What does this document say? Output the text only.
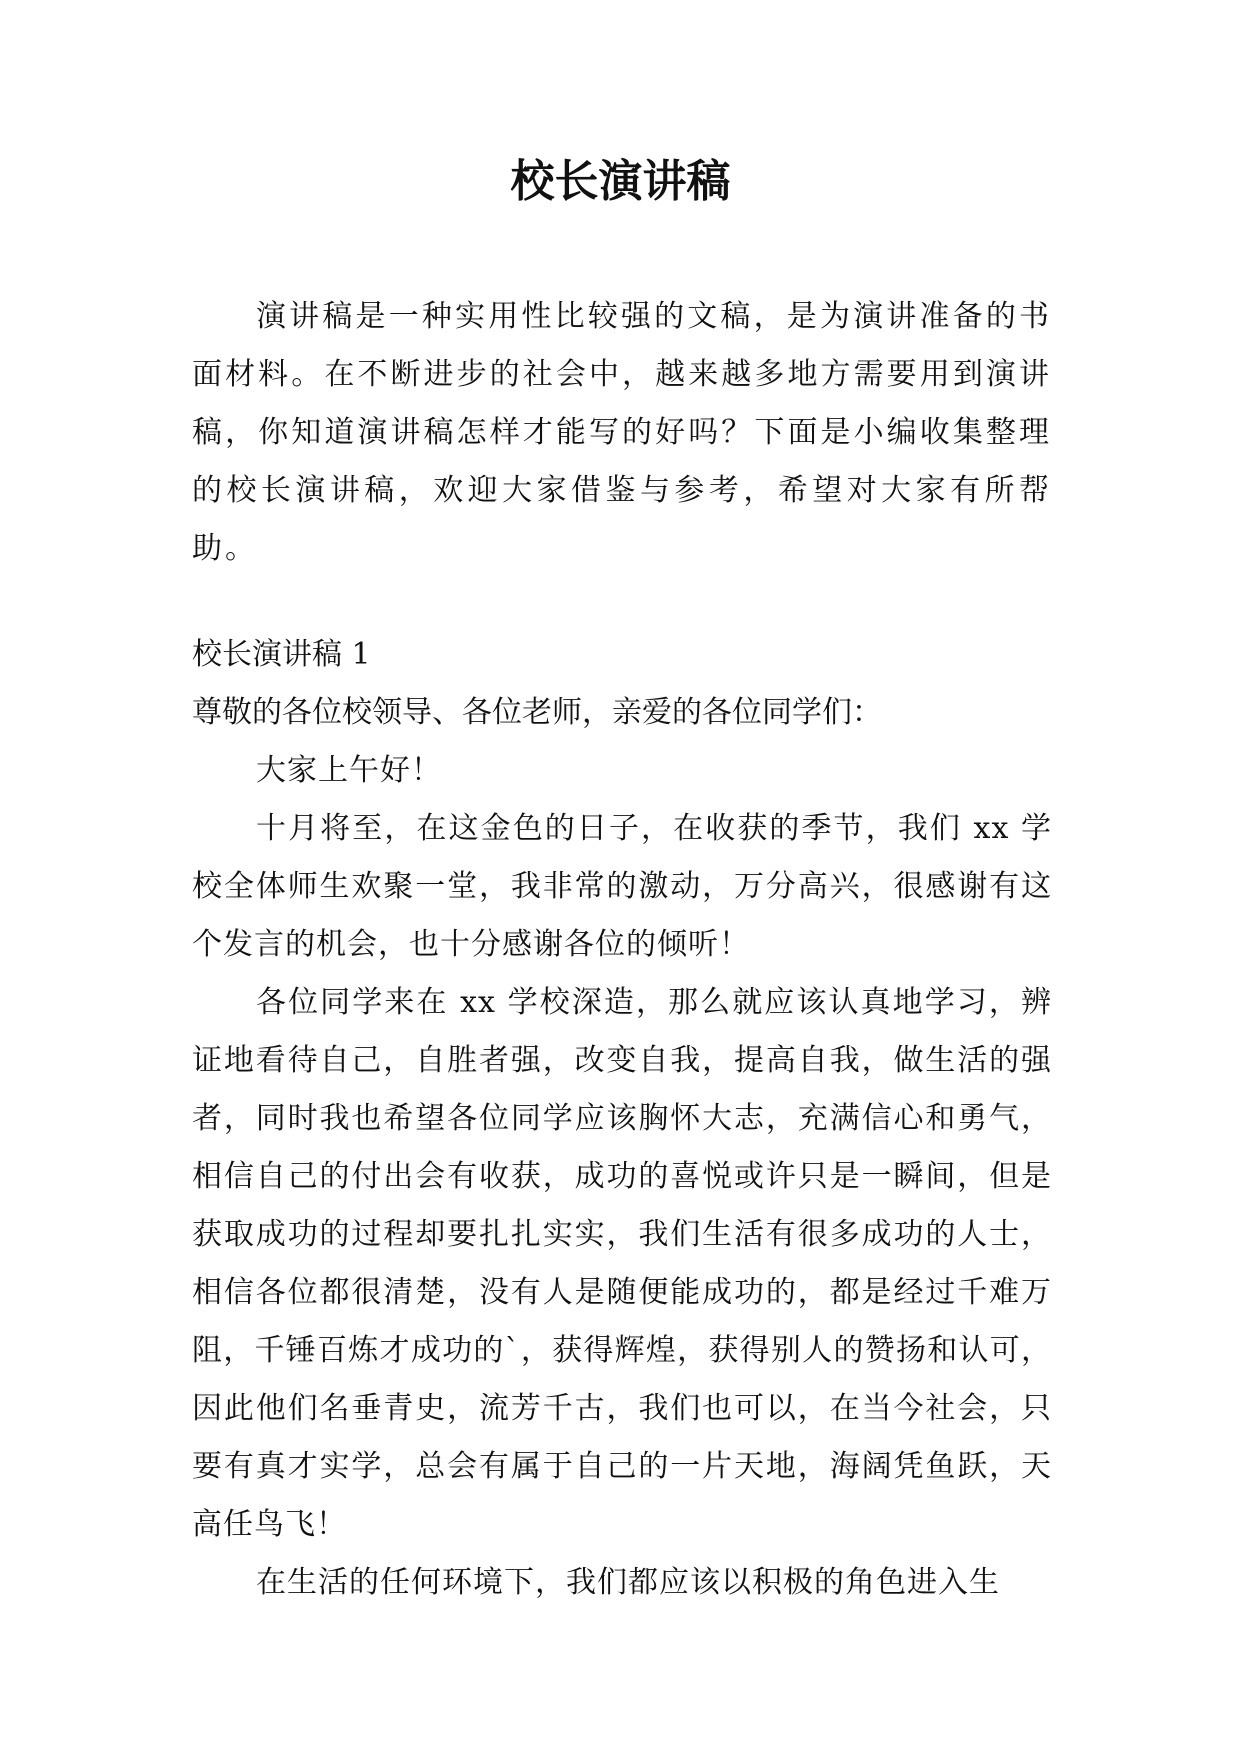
校长演讲稿

演讲稿是一种实用性比较强的文稿，是为演讲准备的书面材料。在不断进步的社会中，越来越多地方需要用到演讲稿，你知道演讲稿怎样才能写的好吗？下面是小编收集整理的校长演讲稿，欢迎大家借鉴与参考，希望对大家有所帮助。

校长演讲稿 1

尊敬的各位校领导、各位老师，亲爱的各位同学们：

大家上午好！

十月将至，在这金色的日子，在收获的季节，我们 xx 学校全体师生欢聚一堂，我非常的激动，万分高兴，很感谢有这个发言的机会，也十分感谢各位的倾听！

各位同学来在 xx 学校深造，那么就应该认真地学习，辨证地看待自己，自胜者强，改变自我，提高自我，做生活的强者，同时我也希望各位同学应该胸怀大志，充满信心和勇气，相信自己的付出会有收获，成功的喜悦或许只是一瞬间，但是获取成功的过程却要扎扎实实，我们生活有很多成功的人士，相信各位都很清楚，没有人是随便能成功的，都是经过千难万阻，千锤百炼才成功的`，获得辉煌，获得别人的赞扬和认可，因此他们名垂青史，流芳千古，我们也可以，在当今社会，只要有真才实学，总会有属于自己的一片天地，海阔凭鱼跃，天高任鸟飞！

在生活的任何环境下，我们都应该以积极的角色进入生
